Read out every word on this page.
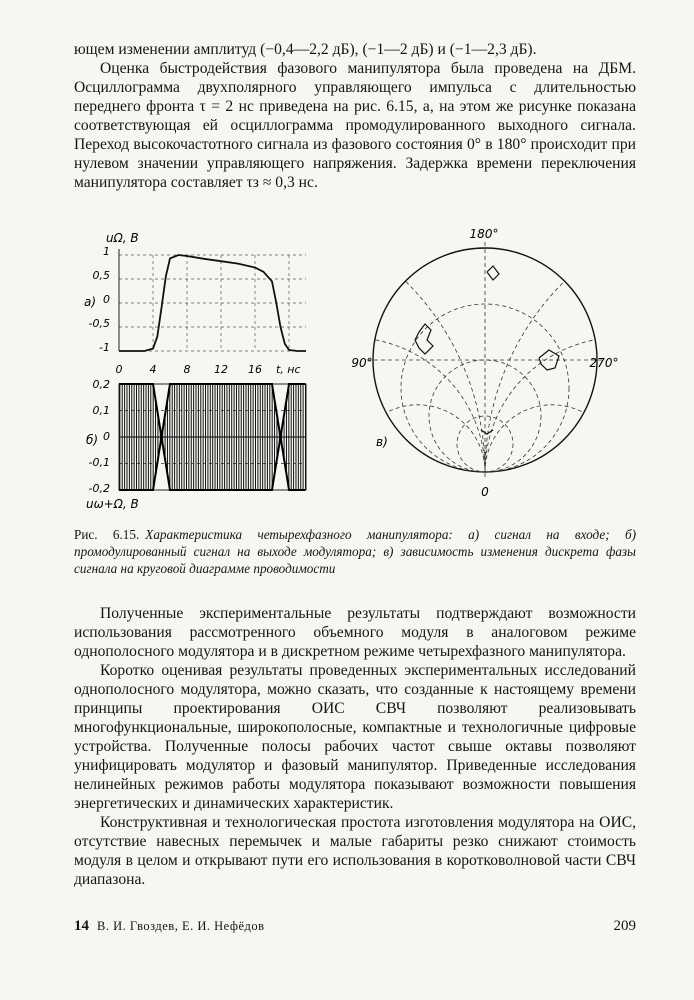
ющем изменении амплитуд (−0,4—2,2 дБ), (−1—2 дБ) и (−1—2,3 дБ).

Оценка быстродействия фазового манипулятора была проведена на ДБМ. Осциллограмма двухполярного управляющего импульса с длительностью переднего фронта τ = 2 нс приведена на рис. 6.15, а, на этом же рисунке показана соответствующая ей осциллограмма промодулированного выходного сигнала. Переход высокочастотного сигнала из фазового состояния 0° в 180° происходит при нулевом значении управляющего напряжения. Задержка времени переключения манипулятора составляет τз ≈ 0,3 нс.

uΩ, В
а)
1
0,5
0
-0,5
-1
0 4 8 12 16 t, нс
б)
0,2
0,1
0
-0,1
-0,2
uω+Ω, В
180°
90°	270°
0
в)
Рис. 6.15. Характеристика четырехфазного манипулятора: а) сигнал на входе; б) промодулированный сигнал на выходе модулятора; в) зависимость изменения дискрета фазы сигнала на круговой диаграмме проводимости

Полученные экспериментальные результаты подтверждают возможности использования рассмотренного объемного модуля в аналоговом режиме однополосного модулятора и в дискретном режиме четырехфазного манипулятора.

Коротко оценивая результаты проведенных экспериментальных исследований однополосного модулятора, можно сказать, что созданные к настоящему времени принципы проектирования ОИС СВЧ позволяют реализовывать многофункциональные, широкополосные, компактные и технологичные цифровые устройства. Полученные полосы рабочих частот свыше октавы позволяют унифицировать модулятор и фазовый манипулятор. Приведенные исследования нелинейных режимов работы модулятора показывают возможности повышения энергетических и динамических характеристик.

Конструктивная и технологическая простота изготовления модулятора на ОИС, отсутствие навесных перемычек и малые габариты резко снижают стоимость модуля в целом и открывают пути его использования в коротковолновой части СВЧ диапазона.

14 В. И. Гвоздев, Е. И. Нефёдов	209
